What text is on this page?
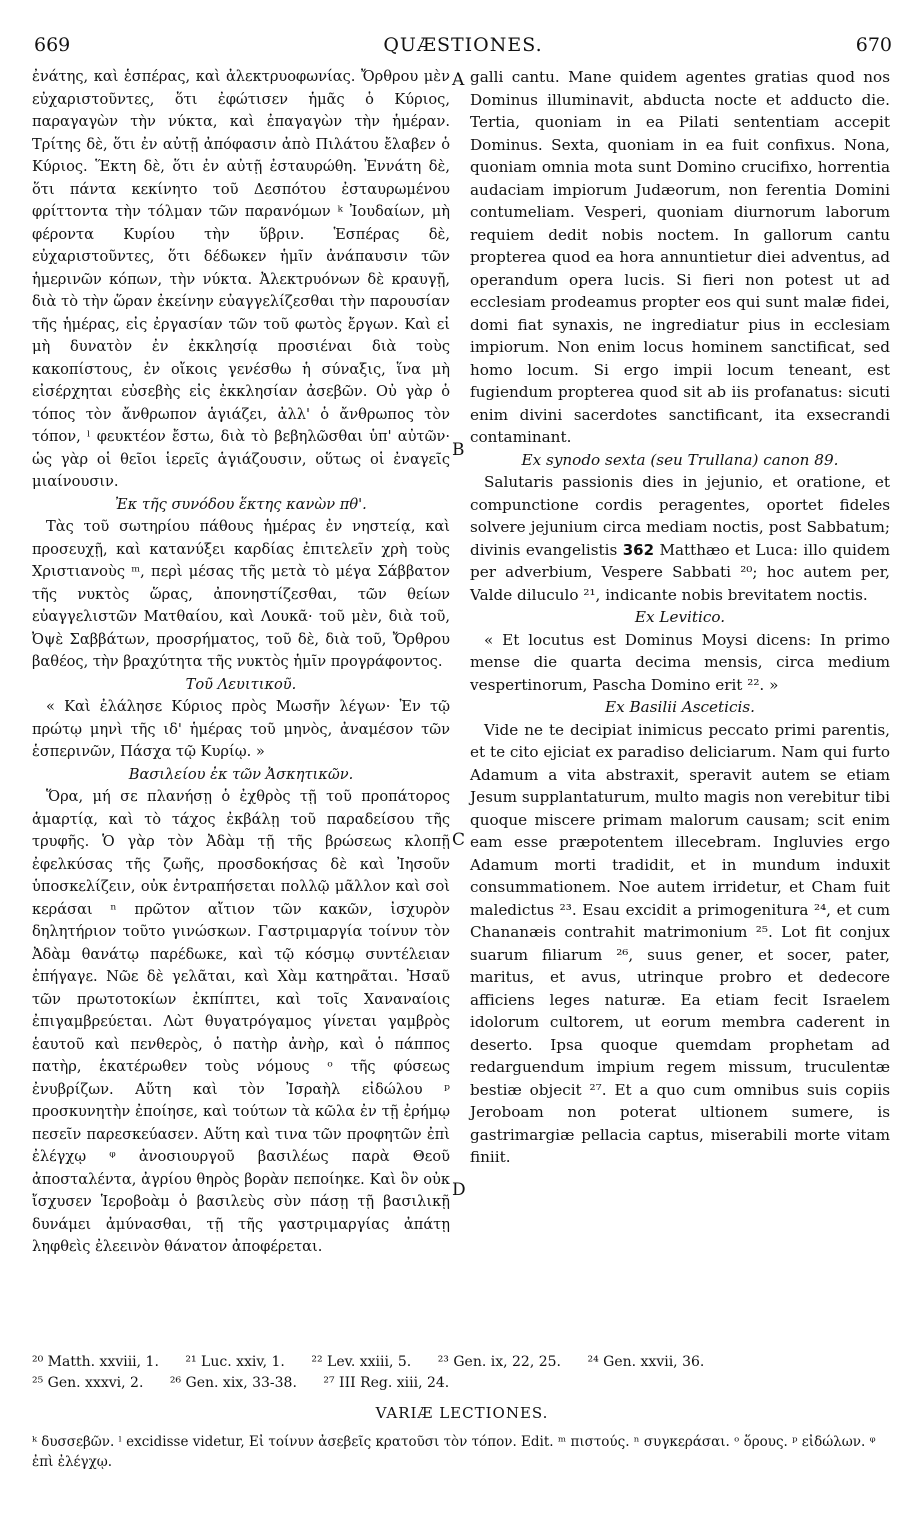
669	QUÆSTIONES.	670

ἐνάτης, καὶ ἑσπέρας, καὶ ἀλεκτρυοφωνίας. Ὄρθρου μὲν εὐχαριστοῦντες, ὅτι ἐφώτισεν ἡμᾶς ὁ Κύριος, παραγαγὼν τὴν νύκτα, καὶ ἐπαγαγὼν τὴν ἡμέραν. Τρίτης δὲ, ὅτι ἐν αὐτῇ ἀπόφασιν ἀπὸ Πιλάτου ἔλαβεν ὁ Κύριος. Ἕκτη δὲ, ὅτι ἐν αὐτῇ ἐσταυρώθη. Ἐννάτη δὲ, ὅτι πάντα κεκίνητο τοῦ Δεσπότου ἐσταυρωμένου φρίττοντα τὴν τόλμαν τῶν παρανόμων ᵏ Ἰουδαίων, μὴ φέροντα Κυρίου τὴν ὕβριν. Ἑσπέρας δὲ, εὐχαριστοῦντες, ὅτι δέδωκεν ἡμῖν ἀνάπαυσιν τῶν ἡμερινῶν κόπων, τὴν νύκτα. Ἀλεκτρυόνων δὲ κραυγῇ, διὰ τὸ τὴν ὥραν ἐκείνην εὐαγγελίζεσθαι τὴν παρουσίαν τῆς ἡμέρας, εἰς ἐργασίαν τῶν τοῦ φωτὸς ἔργων. Καὶ εἰ μὴ δυνατὸν ἐν ἐκκλησίᾳ προσιέναι διὰ τοὺς κακοπίστους, ἐν οἴκοις γενέσθω ἡ σύναξις, ἵνα μὴ εἰσέρχηται εὐσεβὴς εἰς ἐκκλησίαν ἀσεβῶν. Οὐ γὰρ ὁ τόπος τὸν ἄνθρωπον ἁγιάζει, ἀλλ' ὁ ἄνθρωπος τὸν τόπον, ˡ φευκτέον ἔστω, διὰ τὸ βεβηλῶσθαι ὑπ' αὐτῶν· ὡς γὰρ οἱ θεῖοι ἱερεῖς ἁγιάζουσιν, οὕτως οἱ ἐναγεῖς μιαίνουσιν.

Ἐκ τῆς συνόδου ἕκτης κανὼν πθ'.

Τὰς τοῦ σωτηρίου πάθους ἡμέρας ἐν νηστείᾳ, καὶ προσευχῇ, καὶ κατανύξει καρδίας ἐπιτελεῖν χρὴ τοὺς Χριστιανοὺς ᵐ, περὶ μέσας τῆς μετὰ τὸ μέγα Σάββατον τῆς νυκτὸς ὥρας, ἀπονηστίζεσθαι, τῶν θείων εὐαγγελιστῶν Ματθαίου, καὶ Λουκᾶ· τοῦ μὲν, διὰ τοῦ, Ὀψὲ Σαββάτων, προσρήματος, τοῦ δὲ, διὰ τοῦ, Ὄρθρου βαθέος, τὴν βραχύτητα τῆς νυκτὸς ἡμῖν προγράφοντος.

Τοῦ Λευιτικοῦ.

« Καὶ ἐλάλησε Κύριος πρὸς Μωσῆν λέγων· Ἐν τῷ πρώτῳ μηνὶ τῆς ιδ' ἡμέρας τοῦ μηνὸς, ἀναμέσον τῶν ἑσπερινῶν, Πάσχα τῷ Κυρίῳ. »

Βασιλείου ἐκ τῶν Ἀσκητικῶν.

Ὅρα, μή σε πλανήσῃ ὁ ἐχθρὸς τῇ τοῦ προπάτορος ἁμαρτίᾳ, καὶ τὸ τάχος ἐκβάλῃ τοῦ παραδείσου τῆς τρυφῆς. Ὁ γὰρ τὸν Ἀδὰμ τῇ τῆς βρώσεως κλοπῇ ἐφελκύσας τῆς ζωῆς, προσδοκήσας δὲ καὶ Ἰησοῦν ὑποσκελίζειν, οὐκ ἐντραπήσεται πολλῷ μᾶλλον καὶ σοὶ κεράσαι ⁿ πρῶτον αἴτιον τῶν κακῶν, ἰσχυρὸν δηλητήριον τοῦτο γινώσκων. Γαστριμαργία τοίνυν τὸν Ἀδὰμ θανάτῳ παρέδωκε, καὶ τῷ κόσμῳ συντέλειαν ἐπήγαγε. Νῶε δὲ γελᾶται, καὶ Χὰμ κατηρᾶται. Ἠσαῦ τῶν πρωτοτοκίων ἐκπίπτει, καὶ τοῖς Χαναναίοις ἐπιγαμβρεύεται. Λὼτ θυγατρόγαμος γίνεται γαμβρὸς ἑαυτοῦ καὶ πενθερὸς, ὁ πατὴρ ἀνὴρ, καὶ ὁ πάππος πατὴρ, ἑκατέρωθεν τοὺς νόμους ᵒ τῆς φύσεως ἐνυβρίζων. Αὕτη καὶ τὸν Ἰσραὴλ εἰδώλου ᵖ προσκυνητὴν ἐποίησε, καὶ τούτων τὰ κῶλα ἐν τῇ ἐρήμῳ πεσεῖν παρεσκεύασεν. Αὕτη καὶ τινα τῶν προφητῶν ἐπὶ ἐλέγχῳ ᵠ ἀνοσιουργοῦ βασιλέως παρὰ Θεοῦ ἀποσταλέντα, ἀγρίου θηρὸς βορὰν πεποίηκε. Καὶ ὃν οὐκ ἴσχυσεν Ἱεροβοὰμ ὁ βασιλεὺς σὺν πάσῃ τῇ βασιλικῇ δυνάμει ἀμύνασθαι, τῇ τῆς γαστριμαργίας ἀπάτῃ ληφθεὶς ἐλεεινὸν θάνατον ἀποφέρεται.

A
B
C
D

galli cantu. Mane quidem agentes gratias quod nos Dominus illuminavit, abducta nocte et adducto die. Tertia, quoniam in ea Pilati sententiam accepit Dominus. Sexta, quoniam in ea fuit confixus. Nona, quoniam omnia mota sunt Domino crucifixo, horrentia audaciam impiorum Judæorum, non ferentia Domini contumeliam. Vesperi, quoniam diurnorum laborum requiem dedit nobis noctem. In gallorum cantu propterea quod ea hora annuntietur diei adventus, ad operandum opera lucis. Si fieri non potest ut ad ecclesiam prodeamus propter eos qui sunt malæ fidei, domi fiat synaxis, ne ingrediatur pius in ecclesiam impiorum. Non enim locus hominem sanctificat, sed homo locum. Si ergo impii locum teneant, est fugiendum propterea quod sit ab iis profanatus: sicuti enim divini sacerdotes sanctificant, ita exsecrandi contaminant.

Ex synodo sexta (seu Trullana) canon 89.

Salutaris passionis dies in jejunio, et oratione, et compunctione cordis peragentes, oportet fideles solvere jejunium circa mediam noctis, post Sabbatum; divinis evangelistis 362 Matthæo et Luca: illo quidem per adverbium, Vespere Sabbati ²⁰; hoc autem per, Valde diluculo ²¹, indicante nobis brevitatem noctis.

Ex Levitico.

« Et locutus est Dominus Moysi dicens: In primo mense die quarta decima mensis, circa medium vespertinorum, Pascha Domino erit ²². »

Ex Basilii Asceticis.

Vide ne te decipiat inimicus peccato primi parentis, et te cito ejiciat ex paradiso deliciarum. Nam qui furto Adamum a vita abstraxit, speravit autem se etiam Jesum supplantaturum, multo magis non verebitur tibi quoque miscere primam malorum causam; scit enim eam esse præpotentem illecebram. Ingluvies ergo Adamum morti tradidit, et in mundum induxit consummationem. Noe autem irridetur, et Cham fuit maledictus ²³. Esau excidit a primogenitura ²⁴, et cum Chananæis contrahit matrimonium ²⁵. Lot fit conjux suarum filiarum ²⁶, suus gener, et socer, pater, maritus, et avus, utrinque probro et dedecore afficiens leges naturæ. Ea etiam fecit Israelem idolorum cultorem, ut eorum membra caderent in deserto. Ipsa quoque quemdam prophetam ad redarguendum impium regem missum, truculentæ bestiæ objecit ²⁷. Et a quo cum omnibus suis copiis Jeroboam non poterat ultionem sumere, is gastrimargiæ pellacia captus, miserabili morte vitam finiit.

²⁰ Matth. xxviii, 1. ²¹ Luc. xxiv, 1. ²² Lev. xxiii, 5. ²³ Gen. ix, 22, 25. ²⁴ Gen. xxvii, 36.
²⁵ Gen. xxxvi, 2. ²⁶ Gen. xix, 33-38. ²⁷ III Reg. xiii, 24.
VARIÆ LECTIONES.
ᵏ δυσσεβῶν. ˡ excidisse videtur, Εἰ τοίνυν ἀσεβεῖς κρατοῦσι τὸν τόπον. Edit. ᵐ πιστούς. ⁿ συγκεράσαι. ᵒ ὅρους. ᵖ εἰδώλων. ᵠ ἐπὶ ἐλέγχῳ.
